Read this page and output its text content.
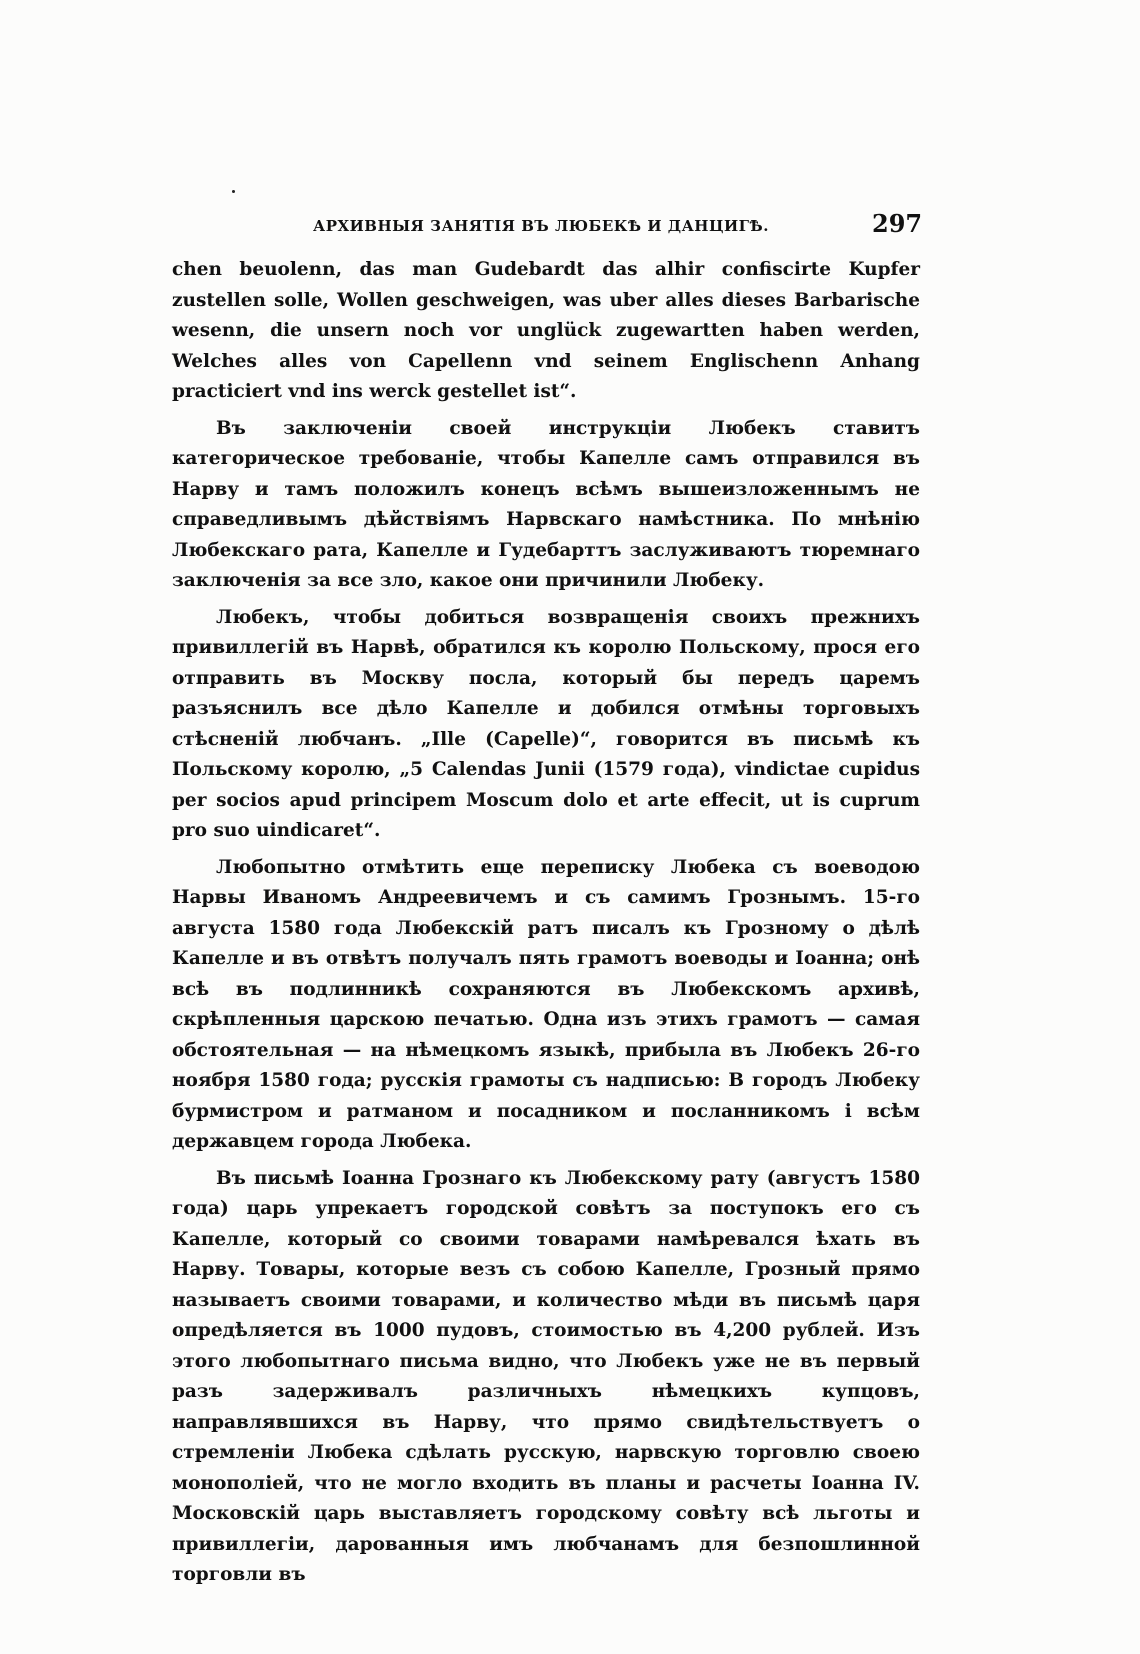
АРХИВНЫЯ ЗАНЯТІЯ ВЪ ЛЮБЕКѢ И ДАНЦИГѢ.	297

chen beuolenn, das man Gudebardt das alhir confiscirte Kupfer zustellen solle, Wollen geschweigen, was uber alles dieses Barbarische wesenn, die unsern noch vor unglück zugewartten haben werden, Welches alles von Capellenn vnd seinem Englischenn Anhang practiciert vnd ins werck gestellet ist“.

Въ заключеніи своей инструкціи Любекъ ставитъ категорическое требованіе, чтобы Капелле самъ отправился въ Нарву и тамъ положилъ конецъ всѣмъ вышеизложеннымъ не справедливымъ дѣйствіямъ Нарвскаго намѣстника. По мнѣнію Любекскаго рата, Капелле и Гудебарттъ заслуживаютъ тюремнаго заключенія за все зло, какое они причинили Любеку.

Любекъ, чтобы добиться возвращенія своихъ прежнихъ привиллегій въ Нарвѣ, обратился къ королю Польскому, прося его отправить въ Москву посла, который бы передъ царемъ разъяснилъ все дѣло Капелле и добился отмѣны торговыхъ стѣсненій любчанъ. „Ille (Capelle)“, говорится въ письмѣ къ Польскому королю, „5 Calendas Junii (1579 года), vindictae cupidus per socios apud principem Moscum dolo et arte effecit, ut is cuprum pro suo uindicaret“.

Любопытно отмѣтить еще переписку Любека съ воеводою Нарвы Иваномъ Андреевичемъ и съ самимъ Грознымъ. 15-го августа 1580 года Любекскій ратъ писалъ къ Грозному о дѣлѣ Капелле и въ отвѣтъ получалъ пять грамотъ воеводы и Іоанна; онѣ всѣ въ подлинникѣ сохраняются въ Любекскомъ архивѣ, скрѣпленныя царскою печатью. Одна изъ этихъ грамотъ — самая обстоятельная — на нѣмецкомъ языкѣ, прибыла въ Любекъ 26-го ноября 1580 года; русскія грамоты съ надписью: В городъ Любеку бурмистром и ратманом и посадником и посланникомъ і всѣм державцем города Любека.

Въ письмѣ Іоанна Грознаго къ Любекскому рату (августъ 1580 года) царь упрекаетъ городской совѣтъ за поступокъ его съ Капелле, который со своими товарами намѣревался ѣхать въ Нарву. Товары, которые везъ съ собою Капелле, Грозный прямо называетъ своими товарами, и количество мѣди въ письмѣ царя опредѣляется въ 1000 пудовъ, стоимостью въ 4,200 рублей. Изъ этого любопытнаго письма видно, что Любекъ уже не въ первый разъ задерживалъ различныхъ нѣмецкихъ купцовъ, направлявшихся въ Нарву, что прямо свидѣтельствуетъ о стремленіи Любека сдѣлать русскую, нарвскую торговлю своею монополіей, что не могло входить въ планы и расчеты Іоанна IV. Московскій царь выставляетъ городскому совѣту всѣ льготы и привиллегіи, дарованныя имъ любчанамъ для безпошлинной торговли въ
